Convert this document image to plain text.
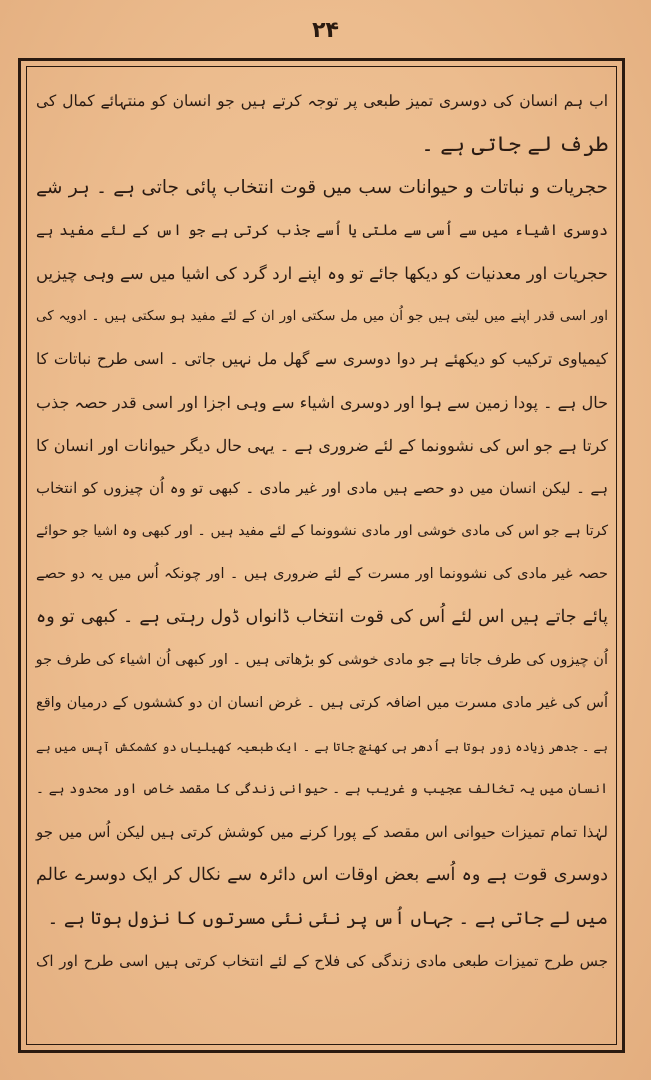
۲۴
اب ہم انسان کی دوسری تمیز طبعی پر توجہ کرتے ہیں جو انسان کو منتہائے کمال کی
طرف لے جاتی ہے ۔
حجریات و نباتات و حیوانات سب میں قوت انتخاب پائی جاتی ہے ۔ ہر شے
دوسری اشیاء میں سے اُسی سے ملتی یا اُسے جذب کرتی ہے جو اس کے لئے مفید ہے
حجریات اور معدنیات کو دیکھا جائے تو وہ اپنے ارد گرد کی اشیا میں سے وہی چیزیں
اور اسی قدر اپنے میں لیتی ہیں جو اُن میں مل سکتی اور ان کے لئے مفید ہو سکتی ہیں ۔ ادویہ کی
کیمیاوی ترکیب کو دیکھئے ہر دوا دوسری سے گھل مل نہیں جاتی ۔ اسی طرح نباتات کا
حال ہے ۔ پودا زمین سے ہوا اور دوسری اشیاء سے وہی اجزا اور اسی قدر حصہ جذب
کرتا ہے جو اس کی نشوونما کے لئے ضروری ہے ۔ یہی حال دیگر حیوانات اور انسان کا
ہے ۔ لیکن انسان میں دو حصے ہیں مادی اور غیر مادی ۔ کبھی تو وہ اُن چیزوں کو انتخاب
کرتا ہے جو اس کی مادی خوشی اور مادی نشوونما کے لئے مفید ہیں ۔ اور کبھی وہ اشیا جو حوائے
حصہ غیر مادی کی نشوونما اور مسرت کے لئے ضروری ہیں ۔ اور چونکہ اُس میں یہ دو حصے
پائے جاتے ہیں اس لئے اُس کی قوت انتخاب ڈانواں ڈول رہتی ہے ۔ کبھی تو وہ
اُن چیزوں کی طرف جاتا ہے جو مادی خوشی کو بڑھاتی ہیں ۔ اور کبھی اُن اشیاء کی طرف جو
اُس کی غیر مادی مسرت میں اضافہ کرتی ہیں ۔ غرض انسان ان دو کششوں کے درمیان واقع
ہے ۔ جدھر زیادہ زور ہوتا ہے اُدھر ہی کھنچ جاتا ہے ۔ ایک طبعیہ کھیلیاں دو کشمکش آپس میں ہے
انسان میں یہ تخالف عجیب و غریب ہے ۔ حیوانی زندگی کا مقصد خاص اور محدود ہے ۔
لہٰذا تمام تمیزات حیوانی اس مقصد کے پورا کرنے میں کوشش کرتی ہیں لیکن اُس میں جو
دوسری قوت ہے وہ اُسے بعض اوقات اس دائرہ سے نکال کر ایک دوسرے عالم
میں لے جاتی ہے ۔ جہاں اُس پر نئی نئی مسرتوں کا نزول ہوتا ہے ۔
جس طرح تمیزات طبعی مادی زندگی کی فلاح کے لئے انتخاب کرتی ہیں اسی طرح اور اک
